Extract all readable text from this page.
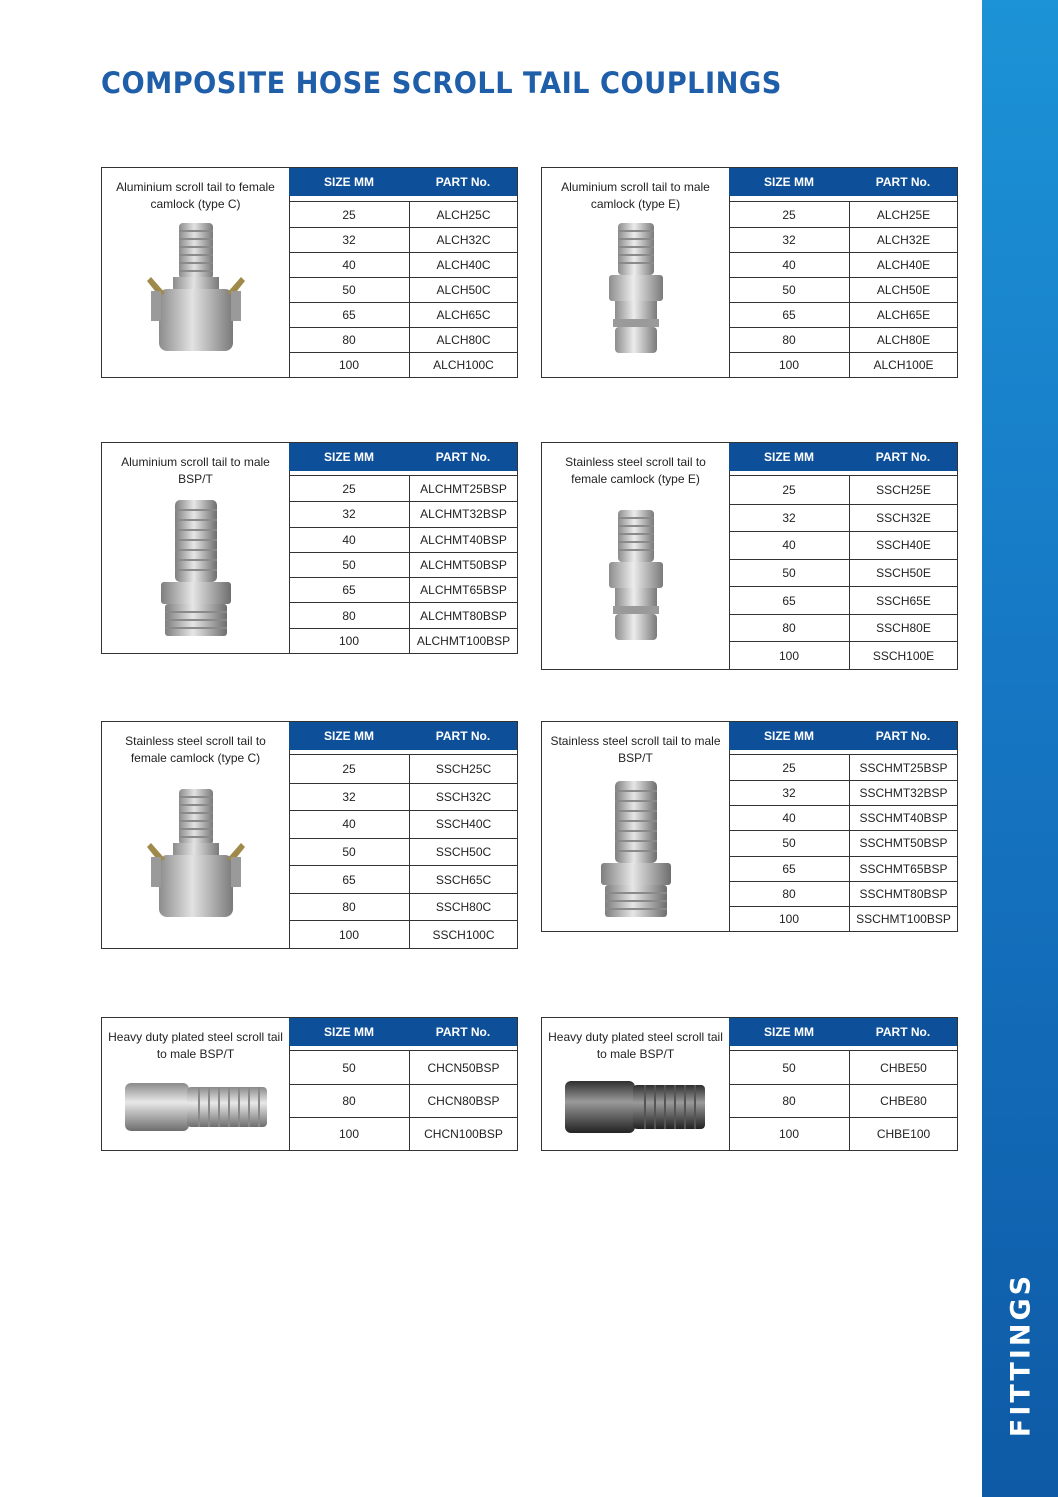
COMPOSITE HOSE SCROLL TAIL COUPLINGS
FITTINGS
Aluminium scroll tail to female camlock (type C)
SIZE MM	PART No.
25	ALCH25C
32	ALCH32C
40	ALCH40C
50	ALCH50C
65	ALCH65C
80	ALCH80C
100	ALCH100C
Aluminium scroll tail to male camlock (type E)
SIZE MM	PART No.
25	ALCH25E
32	ALCH32E
40	ALCH40E
50	ALCH50E
65	ALCH65E
80	ALCH80E
100	ALCH100E
Aluminium scroll tail to male BSP/T
SIZE MM	PART No.
25	ALCHMT25BSP
32	ALCHMT32BSP
40	ALCHMT40BSP
50	ALCHMT50BSP
65	ALCHMT65BSP
80	ALCHMT80BSP
100	ALCHMT100BSP
Stainless steel scroll tail to female camlock (type E)
SIZE MM	PART No.
25	SSCH25E
32	SSCH32E
40	SSCH40E
50	SSCH50E
65	SSCH65E
80	SSCH80E
100	SSCH100E
Stainless steel scroll tail to female camlock (type C)
SIZE MM	PART No.
25	SSCH25C
32	SSCH32C
40	SSCH40C
50	SSCH50C
65	SSCH65C
80	SSCH80C
100	SSCH100C
Stainless steel scroll tail to male BSP/T
SIZE MM	PART No.
25	SSCHMT25BSP
32	SSCHMT32BSP
40	SSCHMT40BSP
50	SSCHMT50BSP
65	SSCHMT65BSP
80	SSCHMT80BSP
100	SSCHMT100BSP
Heavy duty plated steel scroll tail to male BSP/T
SIZE MM	PART No.
50	CHCN50BSP
80	CHCN80BSP
100	CHCN100BSP
Heavy duty plated steel scroll tail to male BSP/T
SIZE MM	PART No.
50	CHBE50
80	CHBE80
100	CHBE100
